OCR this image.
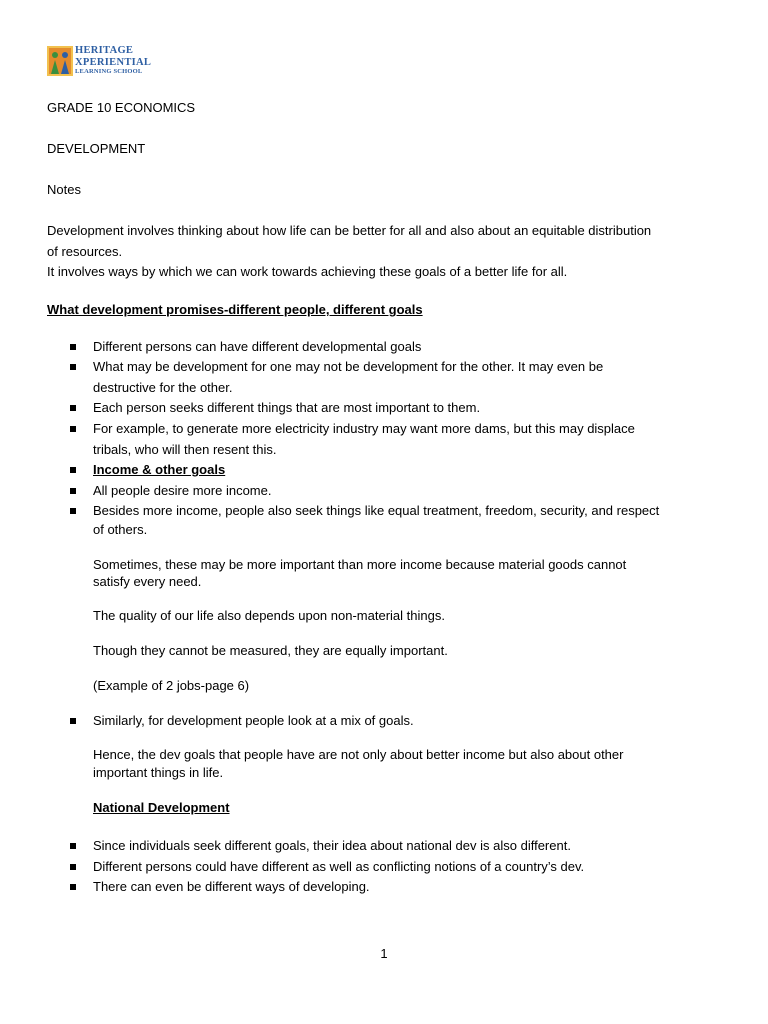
HERITAGE
XPERIENTIAL
LEARNING SCHOOL
GRADE 10 ECONOMICS
DEVELOPMENT
Notes
Development involves thinking about how life can be better for all and also about an equitable distribution
of resources.
It involves ways by which we can work towards achieving these goals of a better life for all.
What development promises-different people, different goals
Different persons can have different developmental goals
What may be development for one may not be development for the other. It may even be
destructive for the other.
Each person seeks different things that are most important to them.
For example, to generate more electricity industry may want more dams, but this may displace
tribals, who will then resent this.
Income & other goals
All people desire more income.
Besides more income, people also seek things like equal treatment, freedom, security, and respect
of others.
Sometimes, these may be more important than more income because material goods cannot
satisfy every need.
The quality of our life also depends upon non-material things.
Though they cannot be measured, they are equally important.
(Example of 2 jobs-page 6)
Similarly, for development people look at a mix of goals.
Hence, the dev goals that people have are not only about better income but also about other
important things in life.
National Development
Since individuals seek different goals, their idea about national dev is also different.
Different persons could have different as well as conflicting notions of a country’s dev.
There can even be different ways of developing.
1
